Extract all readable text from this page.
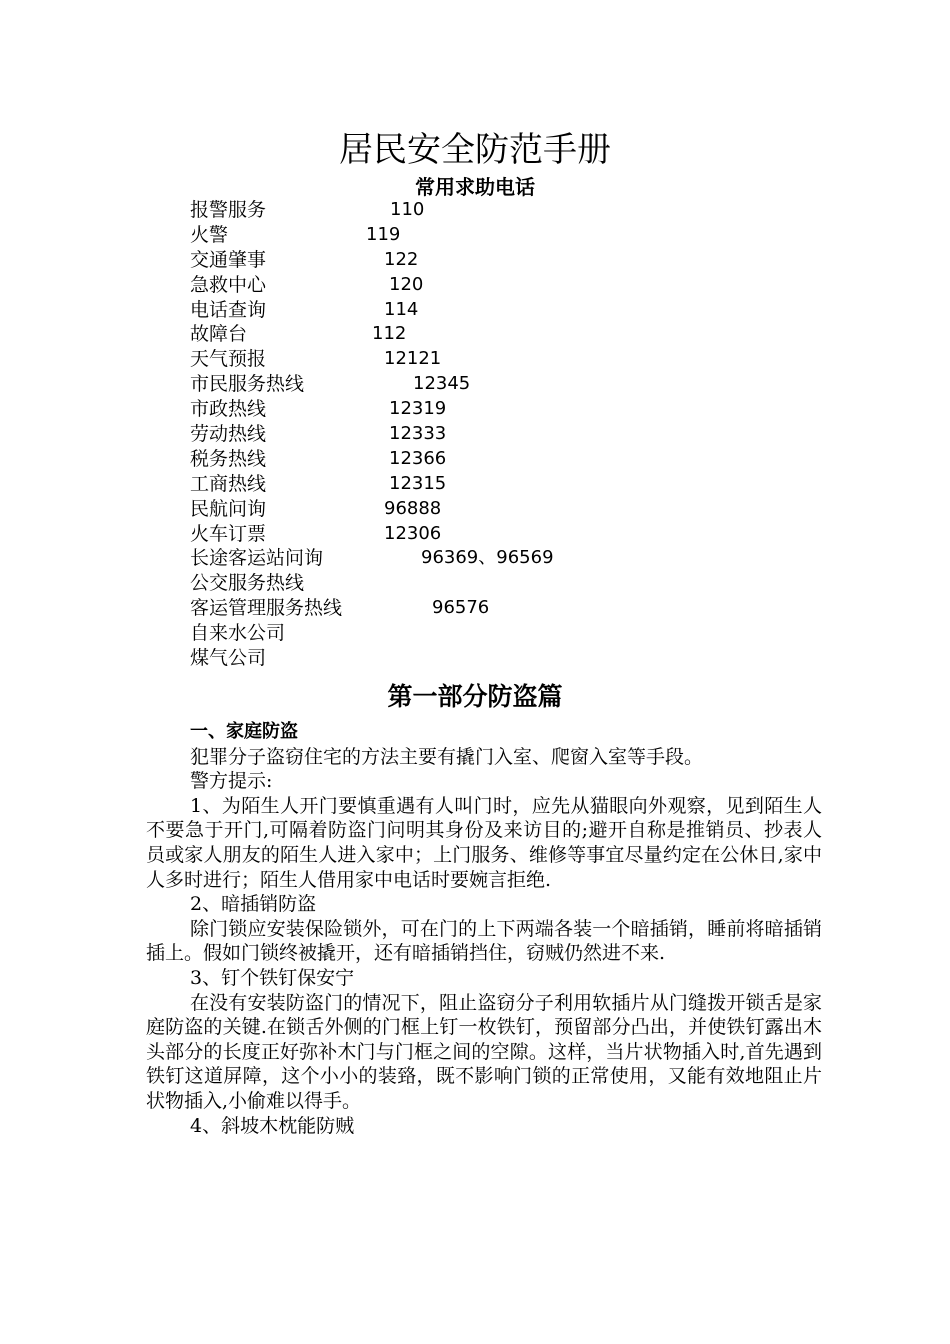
居民安全防范手册
常用求助电话
报警服务	110
火警	119
交通肇事	122
急救中心	120
电话查询	114
故障台	112
天气预报	12121
市民服务热线	12345
市政热线	12319
劳动热线	12333
税务热线	12366
工商热线	12315
民航问询	96888
火车订票	12306
长途客运站问询	96369、96569
公交服务热线
客运管理服务热线	96576
自来水公司
煤气公司
第一部分防盗篇

一、家庭防盗

犯罪分子盗窃住宅的方法主要有撬门入室、爬窗入室等手段。

警方提示:

1、为陌生人开门要慎重遇有人叫门时，应先从猫眼向外观察，见到陌生人不要急于开门,可隔着防盗门问明其身份及来访目的;避开自称是推销员、抄表人员或家人朋友的陌生人进入家中；上门服务、维修等事宜尽量约定在公休日,家中人多时进行；陌生人借用家中电话时要婉言拒绝.

2、暗插销防盗

除门锁应安装保险锁外，可在门的上下两端各装一个暗插销，睡前将暗插销插上。假如门锁终被撬开，还有暗插销挡住，窃贼仍然进不来.

3、钉个铁钉保安宁

在没有安装防盗门的情况下，阻止盗窃分子利用软插片从门缝拨开锁舌是家庭防盗的关键.在锁舌外侧的门框上钉一枚铁钉，预留部分凸出，并使铁钉露出木头部分的长度正好弥补木门与门框之间的空隙。这样，当片状物插入时,首先遇到铁钉这道屏障，这个小小的装臵，既不影响门锁的正常使用，又能有效地阻止片状物插入,小偷难以得手。

4、斜坡木枕能防贼
